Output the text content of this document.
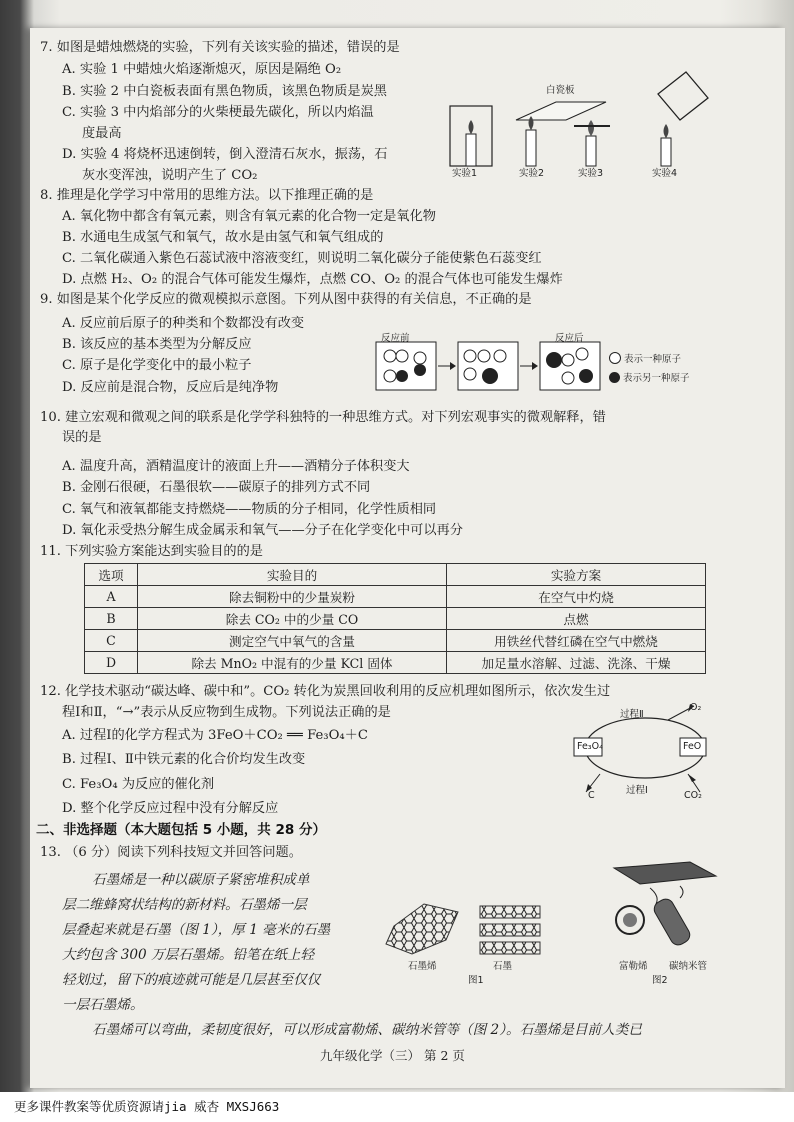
7. 如图是蜡烛燃烧的实验，下列有关该实验的描述，错误的是
A. 实验 1 中蜡烛火焰逐渐熄灭，原因是隔绝 O₂
B. 实验 2 中白瓷板表面有黑色物质，该黑色物质是炭黑
C. 实验 3 中内焰部分的火柴梗最先碳化，所以内焰温
度最高
D. 实验 4 将烧杯迅速倒转，倒入澄清石灰水，振荡，石
灰水变浑浊，说明产生了 CO₂
白瓷板
实验1	实验2	实验3	实验4
8. 推理是化学学习中常用的思维方法。以下推理正确的是
A. 氧化物中都含有氧元素，则含有氧元素的化合物一定是氧化物
B. 水通电生成氢气和氧气，故水是由氢气和氧气组成的
C. 二氧化碳通入紫色石蕊试液中溶液变红，则说明二氧化碳分子能使紫色石蕊变红
D. 点燃 H₂、O₂ 的混合气体可能发生爆炸，点燃 CO、O₂ 的混合气体也可能发生爆炸
9. 如图是某个化学反应的微观模拟示意图。下列从图中获得的有关信息，不正确的是
A. 反应前后原子的种类和个数都没有改变
B. 该反应的基本类型为分解反应
C. 原子是化学变化中的最小粒子
D. 反应前是混合物，反应后是纯净物
反应前	反应后
表示一种原子
表示另一种原子
10. 建立宏观和微观之间的联系是化学学科独特的一种思维方式。对下列宏观事实的微观解释，错
误的是
A. 温度升高，酒精温度计的液面上升——酒精分子体积变大
B. 金刚石很硬，石墨很软——碳原子的排列方式不同
C. 氧气和液氧都能支持燃烧——物质的分子相同，化学性质相同
D. 氧化汞受热分解生成金属汞和氧气——分子在化学变化中可以再分
11. 下列实验方案能达到实验目的的是
选项	实验目的	实验方案
A	除去铜粉中的少量炭粉	在空气中灼烧
B	除去 CO₂ 中的少量 CO	点燃
C	测定空气中氧气的含量	用铁丝代替红磷在空气中燃烧
D	除去 MnO₂ 中混有的少量 KCl 固体	加足量水溶解、过滤、洗涤、干燥
12. 化学技术驱动“碳达峰、碳中和”。CO₂ 转化为炭黑回收利用的反应机理如图所示，依次发生过
程Ⅰ和Ⅱ，“→”表示从反应物到生成物。下列说法正确的是
A. 过程Ⅰ的化学方程式为 3FeO＋CO₂ ══ Fe₃O₄＋C
B. 过程Ⅰ、Ⅱ中铁元素的化合价均发生改变
C. Fe₃O₄ 为反应的催化剂
D. 整个化学反应过程中没有分解反应
过程Ⅱ
O₂
Fe₃O₄	FeO
过程Ⅰ
C	CO₂
二、非选择题（本大题包括 5 小题，共 28 分）
13. （6 分）阅读下列科技短文并回答问题。
石墨烯是一种以碳原子紧密堆积成单
层二维蜂窝状结构的新材料。石墨烯一层
层叠起来就是石墨（图 1），厚 1 毫米的石墨
大约包含 300 万层石墨烯。铅笔在纸上轻
轻划过，留下的痕迹就可能是几层甚至仅仅
一层石墨烯。
石墨烯可以弯曲，柔韧度很好，可以形成富勒烯、碳纳米管等（图 2）。石墨烯是目前人类已
石墨烯	石墨
图1
富勒烯 碳纳米管
图2
九年级化学（三） 第 2 页
更多课件教案等优质资源请jia 威杏 MXSJ663
